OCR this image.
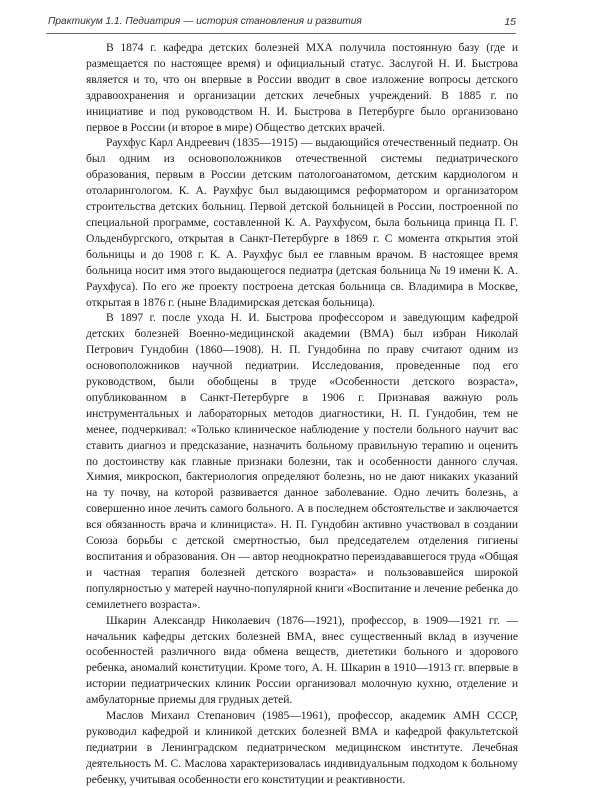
Практикум 1.1. Педиатрия — история становления и развития	15

В 1874 г. кафедра детских болезней МХА получила постоянную базу (где и размещается по настоящее время) и официальный статус. Заслугой Н. И. Быстрова является и то, что он впервые в России вводит в свое изложение вопросы детского здравоохранения и организации детских лечебных учреждений. В 1885 г. по инициативе и под руководством Н. И. Быстрова в Петербурге было организовано первое в России (и второе в мире) Общество детских врачей.

Раухфус Карл Андреевич (1835—1915) — выдающийся отечественный педиатр. Он был одним из основоположников отечественной системы педиатрического образования, первым в России детским патологоанатомом, детским кардиологом и отоларингологом. К. А. Раухфус был выдающимся реформатором и организатором строительства детских больниц. Первой детской больницей в России, построенной по специальной программе, составленной К. А. Раухфусом, была больница принца П. Г. Ольденбургского, открытая в Санкт-Петербурге в 1869 г. С момента открытия этой больницы и до 1908 г. К. А. Раухфус был ее главным врачом. В настоящее время больница носит имя этого выдающегося педиатра (детская больница № 19 имени К. А. Раухфуса). По его же проекту построена детская больница св. Владимира в Москве, открытая в 1876 г. (ныне Владимирская детская больница).

В 1897 г. после ухода Н. И. Быстрова профессором и заведующим кафедрой детских болезней Военно-медицинской академии (ВМА) был избран Николай Петрович Гундобин (1860—1908). Н. П. Гундобина по праву считают одним из основоположников научной педиатрии. Исследования, проведенные под его руководством, были обобщены в труде «Особенности детского возраста», опубликованном в Санкт-Петербурге в 1906 г. Признавая важную роль инструментальных и лабораторных методов диагностики, Н. П. Гундобин, тем не менее, подчеркивал: «Только клиническое наблюдение у постели больного научит вас ставить диагноз и предсказание, назначить больному правильную терапию и оценить по достоинству как главные признаки болезни, так и особенности данного случая. Химия, микроскоп, бактериология определяют болезнь, но не дают никаких указаний на ту почву, на которой развивается данное заболевание. Одно лечить болезнь, а совершенно иное лечить самого больного. А в последнем обстоятельстве и заключается вся обязанность врача и клинициста». Н. П. Гундобин активно участвовал в создании Союза борьбы с детской смертностью, был председателем отделения гигиены воспитания и образования. Он — автор неоднократно переиздававшегося труда «Общая и частная терапия болезней детского возраста» и пользовавшейся широкой популярностью у матерей научно-популярной книги «Воспитание и лечение ребенка до семилетнего возраста».

Шкарин Александр Николаевич (1876—1921), профессор, в 1909—1921 гг. — начальник кафедры детских болезней ВМА, внес существенный вклад в изучение особенностей различного вида обмена веществ, диететики больного и здорового ребенка, аномалий конституции. Кроме того, А. Н. Шкарин в 1910—1913 гг. впервые в истории педиатрических клиник России организовал молочную кухню, отделение и амбулаторные приемы для грудных детей.

Маслов Михаил Степанович (1985—1961), профессор, академик АМН СССР, руководил кафедрой и клиникой детских болезней ВМА и кафедрой факультетской педиатрии в Ленинградском педиатрическом медицинском институте. Лечебная деятельность М. С. Маслова характеризовалась индивидуальным подходом к больному ребенку, учитывая особенности его конституции и реактивности.
